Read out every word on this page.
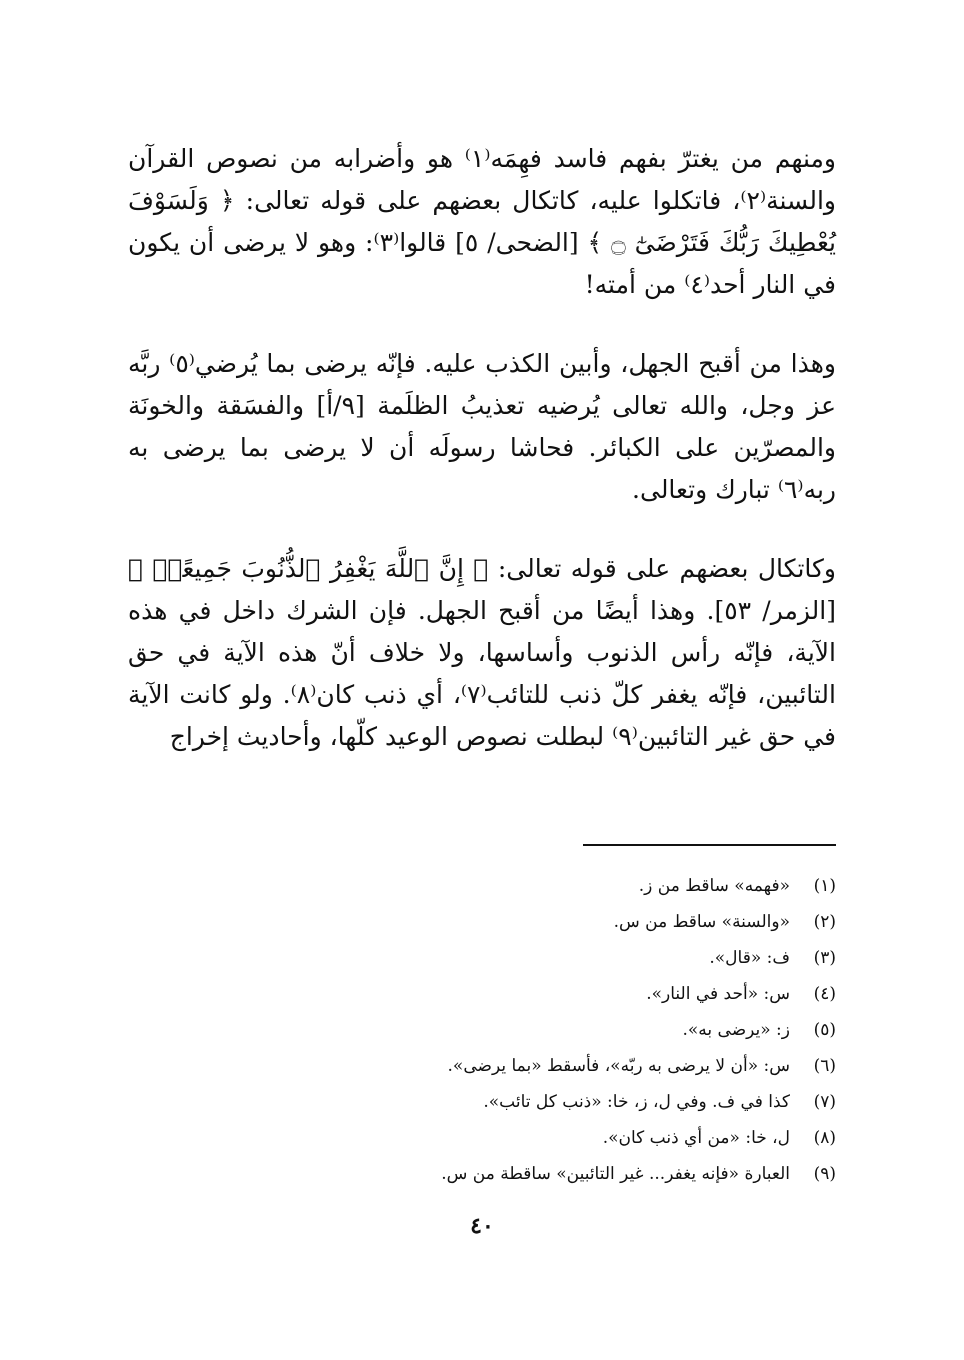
ومنهم من يغترّ بفهم فاسد فهِمَه⁽١⁾ هو وأضرابه من نصوص القرآن والسنة⁽٢⁾، فاتكلوا عليه، كاتكال بعضهم على قوله تعالى: ﴿ وَلَسَوْفَ يُعْطِيكَ رَبُّكَ فَتَرْضَىٰٓ ۝ ﴾ [الضحى/ ٥] قالوا⁽٣⁾: وهو لا يرضى أن يكون في النار أحد⁽٤⁾ من أمته!

وهذا من أقبح الجهل، وأبين الكذب عليه. فإنّه يرضى بما يُرضي⁽٥⁾ ربَّه عز وجل، والله تعالى يُرضيه تعذيبُ الظلَمة [٩/أ] والفسَقة والخونَة والمصرّين على الكبائر. فحاشا رسولَه أن لا يرضى بما يرضى به ربه⁽٦⁾ تبارك وتعالى.

وكاتكال بعضهم على قوله تعالى: ﴿ إِنَّ ٱللَّهَ يَغْفِرُ ٱلذُّنُوبَ جَمِيعًاۚ ﴾ [الزمر/ ٥٣]. وهذا أيضًا من أقبح الجهل. فإن الشرك داخل في هذه الآية، فإنّه رأس الذنوب وأساسها، ولا خلاف أنّ هذه الآية في حق التائبين، فإنّه يغفر كلّ ذنب للتائب⁽٧⁾، أي ذنب كان⁽٨⁾. ولو كانت الآية في حق غير التائبين⁽٩⁾ لبطلت نصوص الوعيد كلّها، وأحاديث إخراج

(١)
«فهمه» ساقط من ز.
(٢)
«والسنة» ساقط من س.
(٣)
ف: «قال».
(٤)
س: «أحد في النار».
(٥)
ز: «يرضى به».
(٦)
س: «أن لا يرضى به ربّه»، فأسقط «بما يرضى».
(٧)
كذا في ف. وفي ل، ز، خا: «ذنب كل تائب».
(٨)
ل، خا: «من أي ذنب كان».
(٩)
العبارة «فإنه يغفر... غير التائبين» ساقطة من س.
٤٠
